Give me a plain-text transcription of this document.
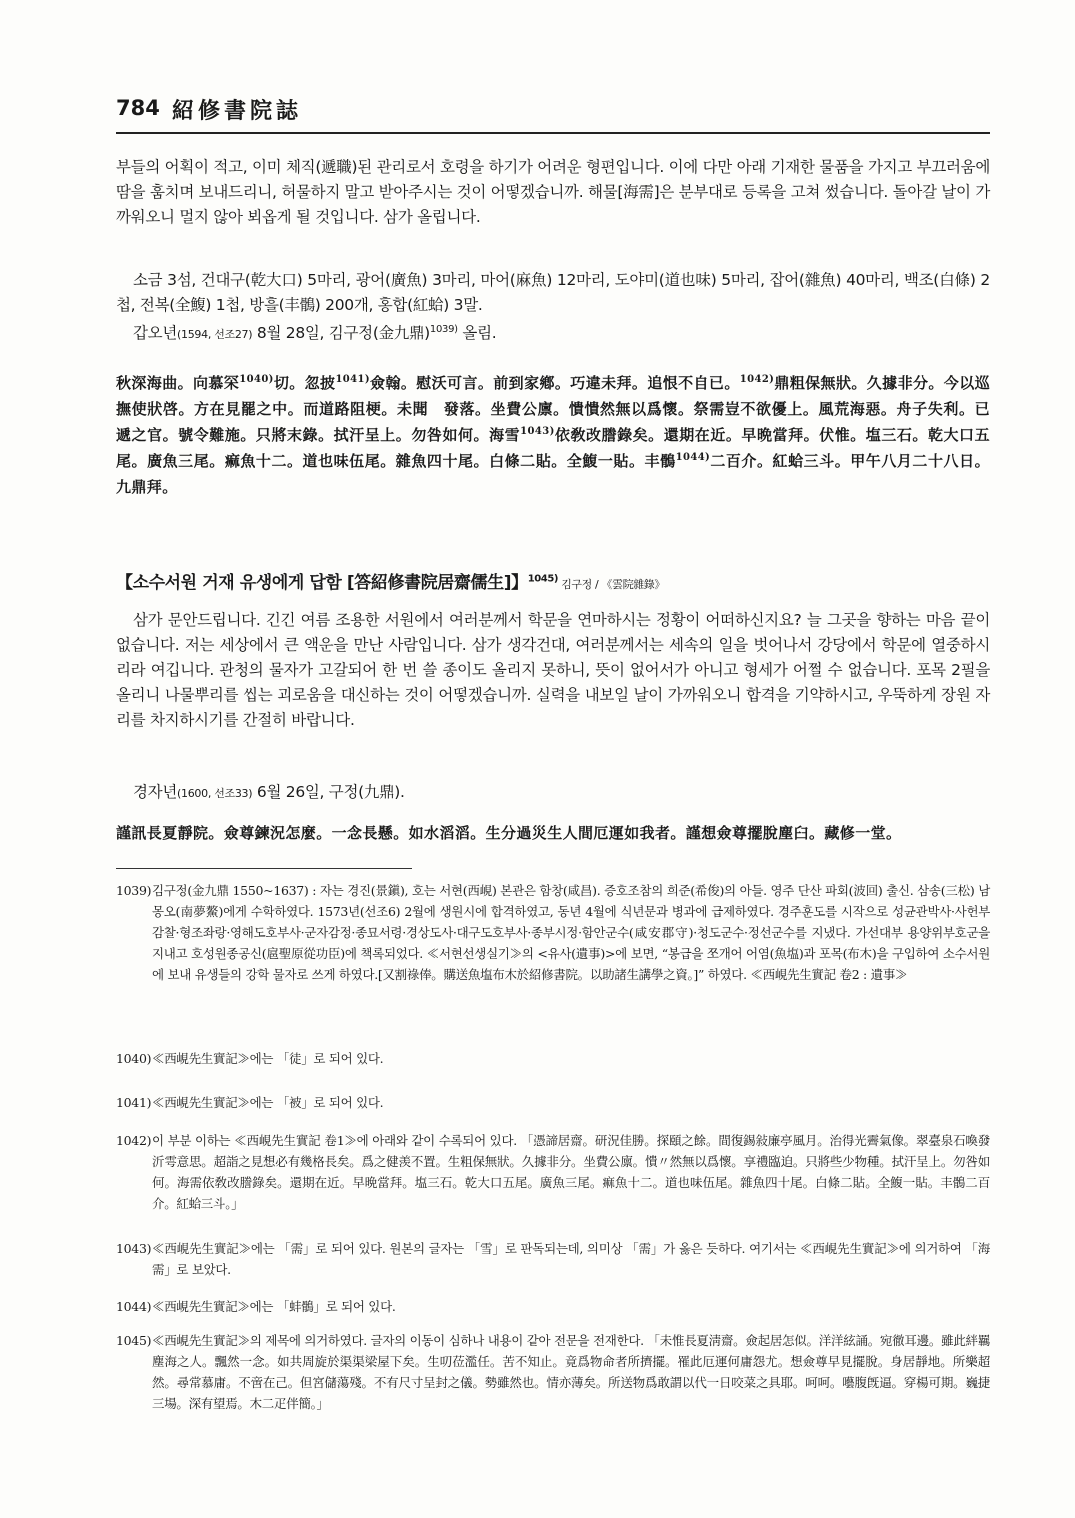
784 紹修書院誌

부들의 어획이 적고, 이미 체직(遞職)된 관리로서 호령을 하기가 어려운 형편입니다. 이에 다만 아래 기재한 물품을 가지고 부끄러움에 땀을 훔치며 보내드리니, 허물하지 말고 받아주시는 것이 어떻겠습니까. 해물[海需]은 분부대로 등록을 고쳐 썼습니다. 돌아갈 날이 가까워오니 멀지 않아 뵈옵게 될 것입니다. 삼가 올립니다.

소금 3섬, 건대구(乾大口) 5마리, 광어(廣魚) 3마리, 마어(麻魚) 12마리, 도야미(道也味) 5마리, 잡어(雜魚) 40마리, 백조(白條) 2첩, 전복(全鰒) 1첩, 방흘(丰鶻) 200개, 홍합(紅蛤) 3말.

갑오년(1594, 선조27) 8월 28일, 김구정(金九鼎)$^{1039)}$ 올림.

秋深海曲。向慕罙$^{1040)}$切。忽披$^{1041)}$僉翰。慰沃可言。前到家鄕。巧違未拜。追恨不自已。$^{1042)}$鼎粗保無狀。久據非分。今以巡撫使狀啓。方在見罷之中。而道路阻梗。未聞　發落。坐費公廪。憒憒然無以爲懷。祭需豈不欲優上。風荒海惡。舟子失利。已遞之官。號令難施。只將末錄。拭汗呈上。勿咎如何。海雪$^{1043)}$依敎改謄錄矣。還期在近。早晩當拜。伏惟。塩三石。乾大口五尾。廣魚三尾。痲魚十二。道也味伍尾。雜魚四十尾。白條二貼。全鰒一貼。丰鶻$^{1044)}$二百介。紅蛤三斗。甲午八月二十八日。九鼎拜。

【소수서원 거재 유생에게 답함 [答紹修書院居齋儒生]】$^{1045)}$ 김구정 / 《雲院雜錄》

삼가 문안드립니다. 긴긴 여름 조용한 서원에서 여러분께서 학문을 연마하시는 정황이 어떠하신지요? 늘 그곳을 향하는 마음 끝이 없습니다. 저는 세상에서 큰 액운을 만난 사람입니다. 삼가 생각건대, 여러분께서는 세속의 일을 벗어나서 강당에서 학문에 열중하시리라 여깁니다. 관청의 물자가 고갈되어 한 번 쓸 종이도 올리지 못하니, 뜻이 없어서가 아니고 형세가 어쩔 수 없습니다. 포목 2필을 올리니 나물뿌리를 씹는 괴로움을 대신하는 것이 어떻겠습니까. 실력을 내보일 날이 가까워오니 합격을 기약하시고, 우뚝하게 장원 자리를 차지하시기를 간절히 바랍니다.

경자년(1600, 선조33) 6월 26일, 구정(九鼎).

謹訊長夏靜院。僉尊鍊況怎麼。一念長懸。如水滔滔。生分過災生人間厄運如我者。謹想僉尊擺脫塵臼。藏修一堂。

1039) 김구정(金九鼎 1550~1637) : 자는 경진(景鎭), 호는 서현(西峴) 본관은 함창(咸昌). 증호조참의 희준(希俊)의 아들. 영주 단산 파회(波回) 출신. 삼송(三松) 남몽오(南夢鰲)에게 수학하였다. 1573년(선조6) 2월에 생원시에 합격하였고, 동년 4월에 식년문과 병과에 급제하였다. 경주훈도를 시작으로 성균관박사·사헌부감찰·형조좌랑·영해도호부사·군자감정·종묘서령·경상도사·대구도호부사·종부시정·함안군수(咸安郡守)·청도군수·정선군수를 지냈다. 가선대부 용양위부호군을 지내고 호성원종공신(扈聖原從功臣)에 책록되었다. ≪서현선생실기≫의 <유사(遺事)>에 보면, “봉급을 쪼개어 어염(魚塩)과 포목(布木)을 구입하여 소수서원에 보내 유생들의 강학 물자로 쓰게 하였다.[又割祿俸。購送魚塩布木於紹修書院。以助諸生講學之資。]” 하였다. ≪西峴先生實記 卷2 : 遺事≫

1040) ≪西峴先生實記≫에는 「徒」로 되어 있다.

1041) ≪西峴先生實記≫에는 「被」로 되어 있다.

1042) 이 부분 이하는 ≪西峴先生實記 卷1≫에 아래와 같이 수록되어 있다. 「憑諦居齋。研況佳勝。探頤之餘。間復錫敍廉亭風月。治得光霽氣像。翠臺泉石喚發沂雩意思。超詣之見想必有幾格長矣。爲之健羡不置。生粗保無狀。久據非分。坐費公廪。憒〃然無以爲懷。享禮臨迫。只將些少物種。拭汗呈上。勿咎如何。海需依敎改謄錄矣。還期在近。早晩當拜。塩三石。乾大口五尾。廣魚三尾。痲魚十二。道也味伍尾。雜魚四十尾。白條二貼。全鰒一貼。丰鶻二百介。紅蛤三斗。」

1043) ≪西峴先生實記≫에는 「需」로 되어 있다. 원본의 글자는 「雪」로 판독되는데, 의미상 「需」가 옳은 듯하다. 여기서는 ≪西峴先生實記≫에 의거하여 「海需」로 보았다.

1044) ≪西峴先生實記≫에는 「蚌鶻」로 되어 있다.

1045) ≪西峴先生實記≫의 제목에 의거하였다. 글자의 이동이 심하나 내용이 같아 전문을 전재한다. 「未惟長夏淸齋。僉起居怎似。洋洋絃誦。宛徹耳邊。雖此絆羈塵海之人。飄然一念。如共周旋於渠渠梁屋下矣。生叨莅濫任。苦不知止。竟爲物命者所擠擺。罹此厄運何庸怨尤。想僉尊早見擺脫。身居靜地。所樂超然。尋常慕庸。不啻在己。但宮儲蕩殘。不有尺寸呈封之儀。勢雖然也。情亦薄矣。所送物爲敢謂以代一日咬菜之具耶。呵呵。囈腹旣逼。穿楊可期。巍捷三場。深有望焉。木二疋伴簡。」
